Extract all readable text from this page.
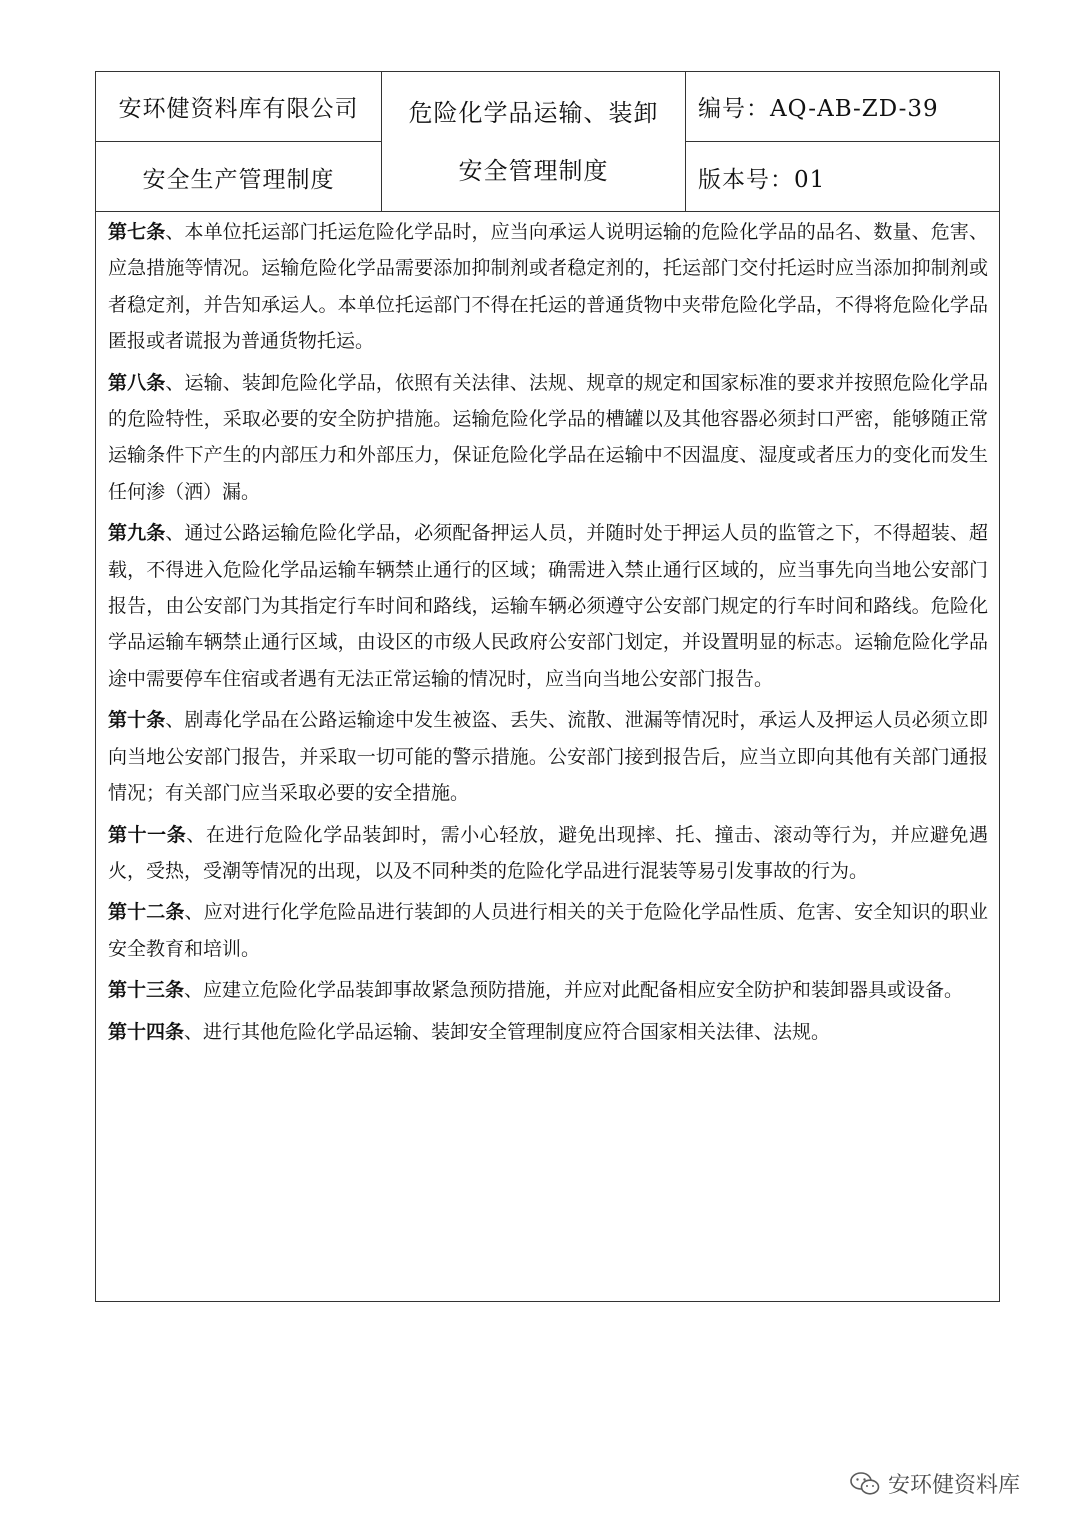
安环健资料库有限公司
安全生产管理制度
危险化学品运输、装卸
安全管理制度
编号：AQ-AB-ZD-39
版本号：01

第七条、本单位托运部门托运危险化学品时，应当向承运人说明运输的危险化学品的品名、数量、危害、应急措施等情况。运输危险化学品需要添加抑制剂或者稳定剂的，托运部门交付托运时应当添加抑制剂或者稳定剂，并告知承运人。本单位托运部门不得在托运的普通货物中夹带危险化学品，不得将危险化学品匿报或者谎报为普通货物托运。

第八条、运输、装卸危险化学品，依照有关法律、法规、规章的规定和国家标准的要求并按照危险化学品的危险特性，采取必要的安全防护措施。运输危险化学品的槽罐以及其他容器必须封口严密，能够随正常运输条件下产生的内部压力和外部压力，保证危险化学品在运输中不因温度、湿度或者压力的变化而发生任何渗（洒）漏。

第九条、通过公路运输危险化学品，必须配备押运人员，并随时处于押运人员的监管之下，不得超装、超载，不得进入危险化学品运输车辆禁止通行的区域；确需进入禁止通行区域的，应当事先向当地公安部门报告，由公安部门为其指定行车时间和路线，运输车辆必须遵守公安部门规定的行车时间和路线。危险化学品运输车辆禁止通行区域，由设区的市级人民政府公安部门划定，并设置明显的标志。运输危险化学品途中需要停车住宿或者遇有无法正常运输的情况时，应当向当地公安部门报告。

第十条、剧毒化学品在公路运输途中发生被盗、丢失、流散、泄漏等情况时，承运人及押运人员必须立即向当地公安部门报告，并采取一切可能的警示措施。公安部门接到报告后，应当立即向其他有关部门通报情况；有关部门应当采取必要的安全措施。

第十一条、在进行危险化学品装卸时，需小心轻放，避免出现摔、托、撞击、滚动等行为，并应避免遇火，受热，受潮等情况的出现，以及不同种类的危险化学品进行混装等易引发事故的行为。

第十二条、应对进行化学危险品进行装卸的人员进行相关的关于危险化学品性质、危害、安全知识的职业安全教育和培训。

第十三条、应建立危险化学品装卸事故紧急预防措施，并应对此配备相应安全防护和装卸器具或设备。

第十四条、进行其他危险化学品运输、装卸安全管理制度应符合国家相关法律、法规。

安环健资料库
